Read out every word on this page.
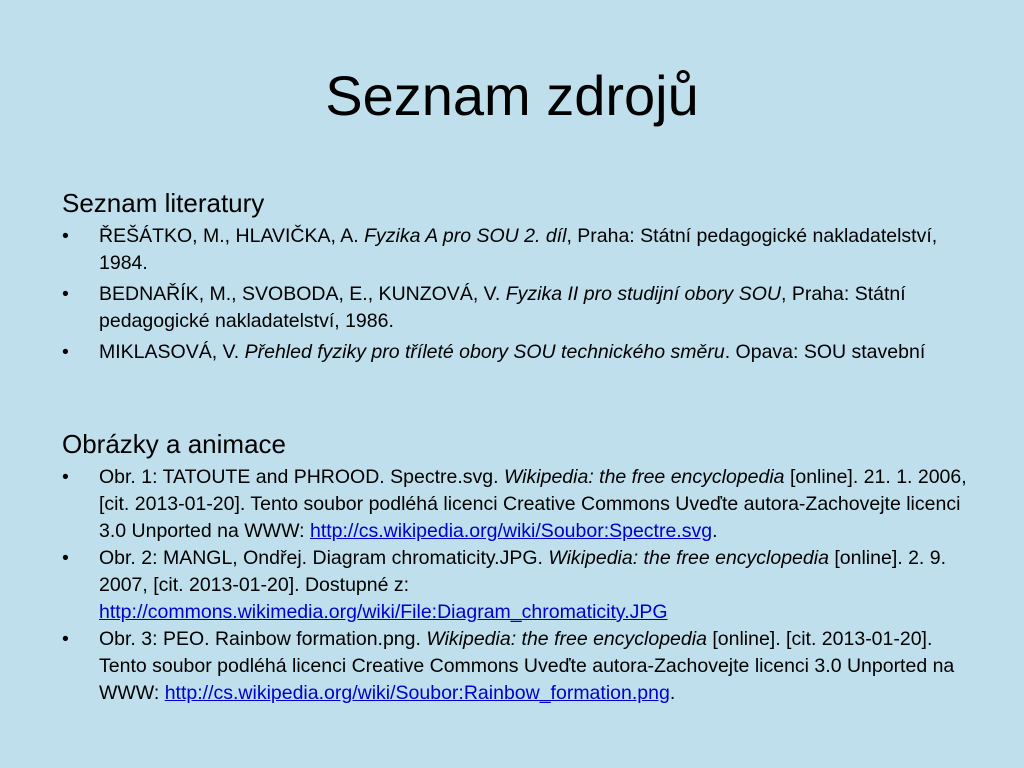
Seznam zdrojů
Seznam literatury
•	ŘEŠÁTKO, M., HLAVIČKA, A. Fyzika A pro SOU 2. díl, Praha: Státní pedagogické nakladatelství, 1984.
•	BEDNAŘÍK, M., SVOBODA, E., KUNZOVÁ, V. Fyzika II pro studijní obory SOU, Praha: Státní pedagogické nakladatelství, 1986.
•	MIKLASOVÁ, V. Přehled fyziky pro tříleté obory SOU technického směru. Opava: SOU stavební
Obrázky a animace
•	Obr. 1: TATOUTE and PHROOD. Spectre.svg. Wikipedia: the free encyclopedia [online]. 21. 1. 2006, [cit. 2013-01-20]. Tento soubor podléhá licenci Creative Commons Uveďte autora-Zachovejte licenci 3.0 Unported na WWW: http://cs.wikipedia.org/wiki/Soubor:Spectre.svg.
•	Obr. 2: MANGL, Ondřej. Diagram chromaticity.JPG. Wikipedia: the free encyclopedia [online]. 2. 9. 2007, [cit. 2013-01-20]. Dostupné z: http://commons.wikimedia.org/wiki/File:Diagram_chromaticity.JPG
•	Obr. 3: PEO. Rainbow formation.png. Wikipedia: the free encyclopedia [online]. [cit. 2013-01-20]. Tento soubor podléhá licenci Creative Commons Uveďte autora-Zachovejte licenci 3.0 Unported na WWW: http://cs.wikipedia.org/wiki/Soubor:Rainbow_formation.png.
